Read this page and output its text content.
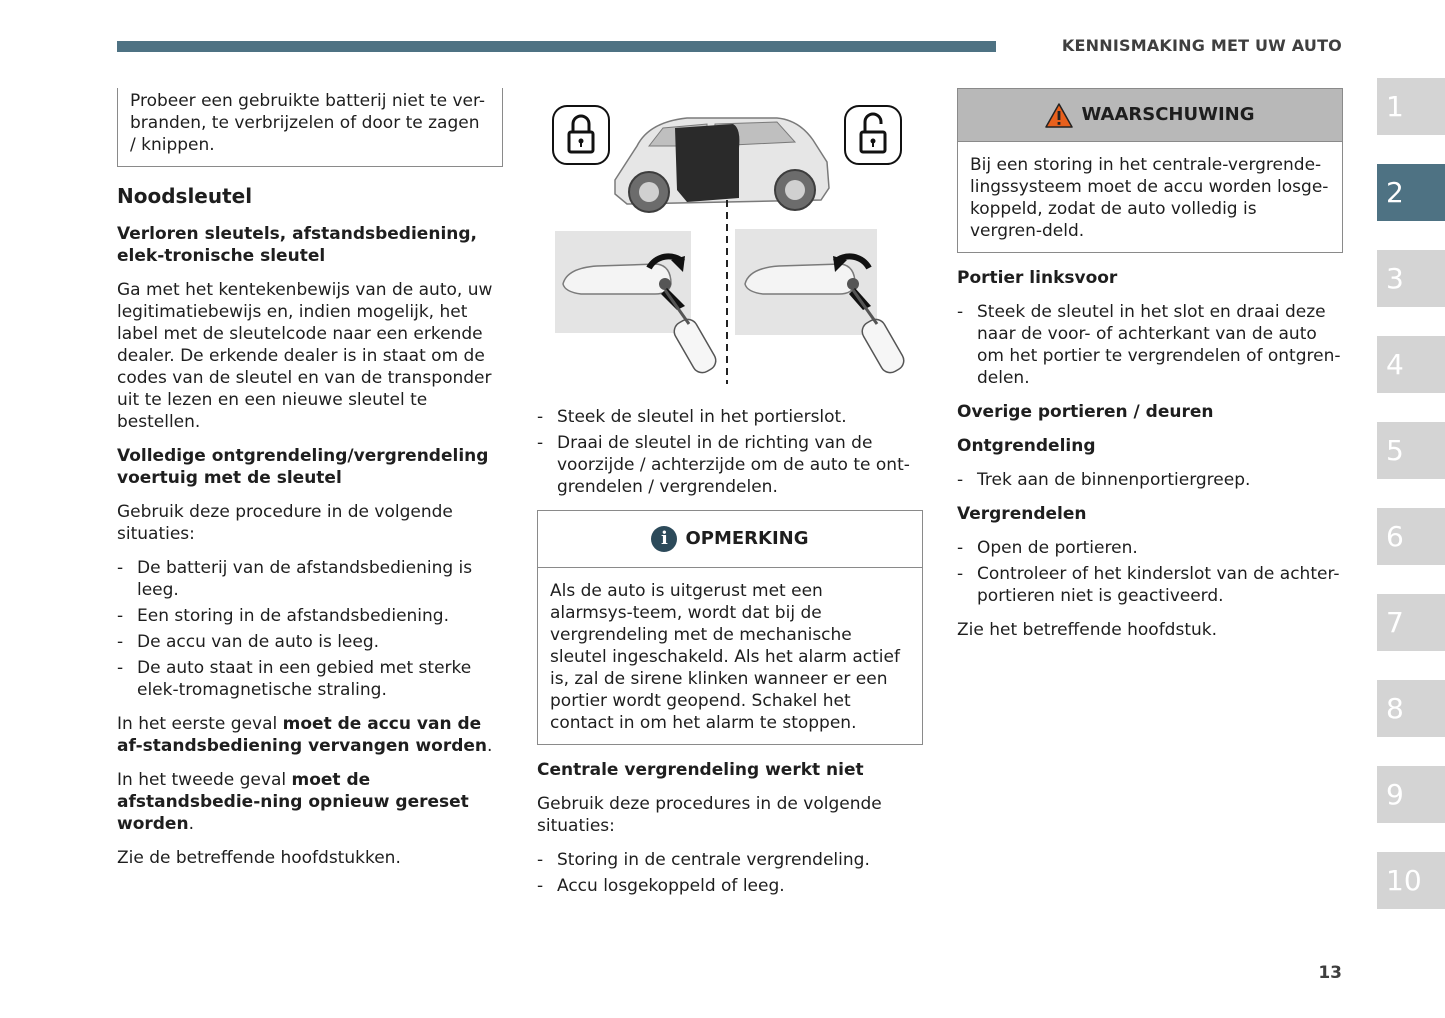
KENNISMAKING MET UW AUTO

Probeer een gebruikte batterij niet te ver-branden, te verbrijzelen of door te zagen / knippen.

Noodsleutel

Verloren sleutels, afstandsbediening, elek-tronische sleutel

Ga met het kentekenbewijs van de auto, uw legitimatiebewijs en, indien mogelijk, het label met de sleutelcode naar een erkende dealer. De erkende dealer is in staat om de codes van de sleutel en van de transponder uit te lezen en een nieuwe sleutel te bestellen.

Volledige ontgrendeling/vergrendeling voertuig met de sleutel

Gebruik deze procedure in de volgende situaties:

- De batterij van de afstandsbediening is leeg.
- Een storing in de afstandsbediening.
- De accu van de auto is leeg.
- De auto staat in een gebied met sterke elek-tromagnetische straling.

In het eerste geval moet de accu van de af-standsbediening vervangen worden.

In het tweede geval moet de afstandsbedie-ning opnieuw gereset worden.

Zie de betreffende hoofdstukken.

- Steek de sleutel in het portierslot.
- Draai de sleutel in de richting van de voorzijde / achterzijde om de auto te ont-grendelen / vergrendelen.
i OPMERKING

Als de auto is uitgerust met een alarmsys-teem, wordt dat bij de vergrendeling met de mechanische sleutel ingeschakeld. Als het alarm actief is, zal de sirene klinken wanneer er een portier wordt geopend. Schakel het contact in om het alarm te stoppen.

Centrale vergrendeling werkt niet

Gebruik deze procedures in de volgende situaties:

- Storing in de centrale vergrendeling.
- Accu losgekoppeld of leeg.
WAARSCHUWING

Bij een storing in het centrale-vergrende-lingssysteem moet de accu worden losge-koppeld, zodat de auto volledig is vergren-deld.

Portier linksvoor

- Steek de sleutel in het slot en draai deze naar de voor- of achterkant van de auto om het portier te vergrendelen of ontgren-delen.

Overige portieren / deuren

Ontgrendeling

- Trek aan de binnenportiergreep.

Vergrendelen

- Open de portieren.
- Controleer of het kinderslot van de achter-portieren niet is geactiveerd.

Zie het betreffende hoofdstuk.

1
2
3
4
5
6
7
8
9
10
13
